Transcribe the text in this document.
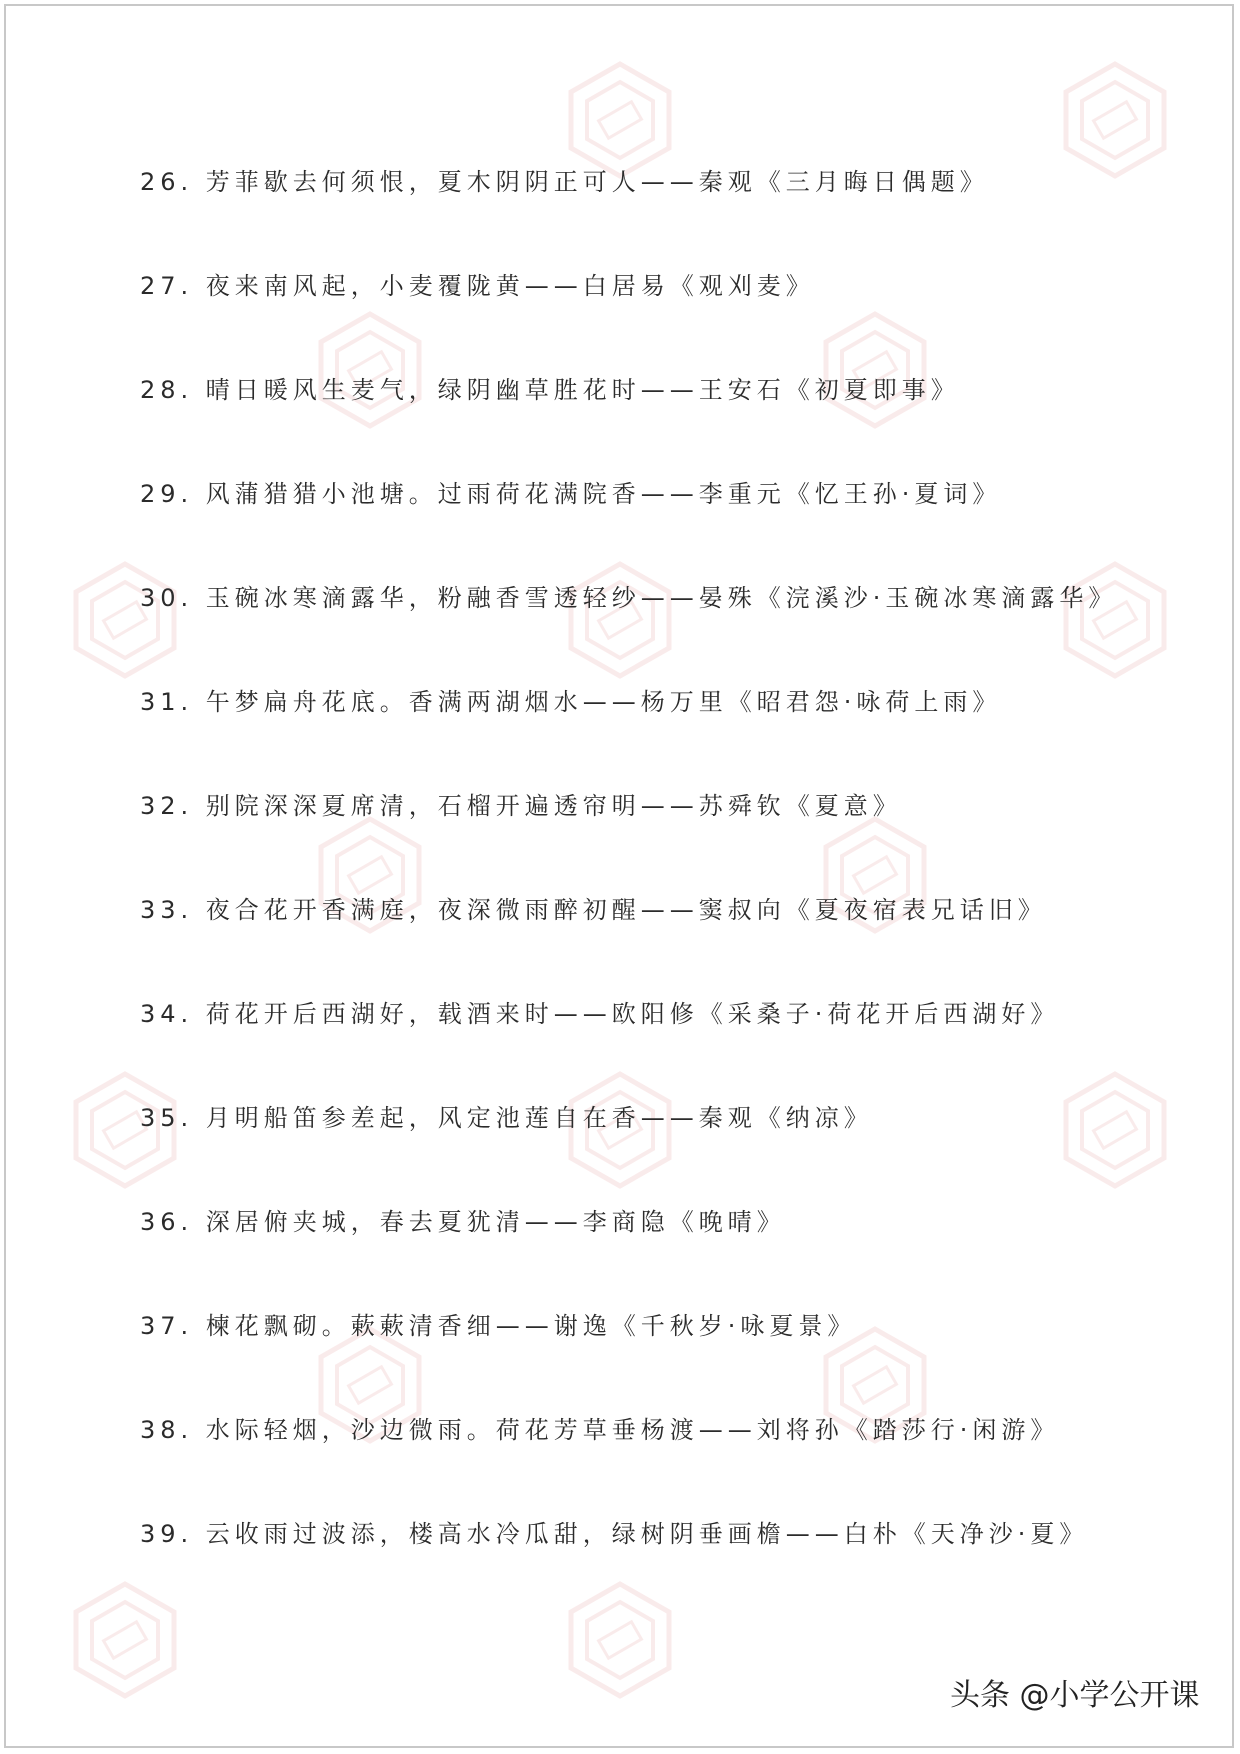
26. 芳菲歇去何须恨，夏木阴阴正可人——秦观《三月晦日偶题》
27. 夜来南风起，小麦覆陇黄——白居易《观刈麦》
28. 晴日暖风生麦气，绿阴幽草胜花时——王安石《初夏即事》
29. 风蒲猎猎小池塘。过雨荷花满院香——李重元《忆王孙·夏词》
30. 玉碗冰寒滴露华，粉融香雪透轻纱——晏殊《浣溪沙·玉碗冰寒滴露华》
31. 午梦扁舟花底。香满两湖烟水——杨万里《昭君怨·咏荷上雨》
32. 别院深深夏席清，石榴开遍透帘明——苏舜钦《夏意》
33. 夜合花开香满庭，夜深微雨醉初醒——窦叔向《夏夜宿表兄话旧》
34. 荷花开后西湖好，载酒来时——欧阳修《采桑子·荷花开后西湖好》
35. 月明船笛参差起，风定池莲自在香——秦观《纳凉》
36. 深居俯夹城，春去夏犹清——李商隐《晚晴》
37. 楝花飘砌。蔌蔌清香细——谢逸《千秋岁·咏夏景》
38. 水际轻烟，沙边微雨。荷花芳草垂杨渡——刘将孙《踏莎行·闲游》
39. 云收雨过波添，楼高水冷瓜甜，绿树阴垂画檐——白朴《天净沙·夏》
头条 @小学公开课
